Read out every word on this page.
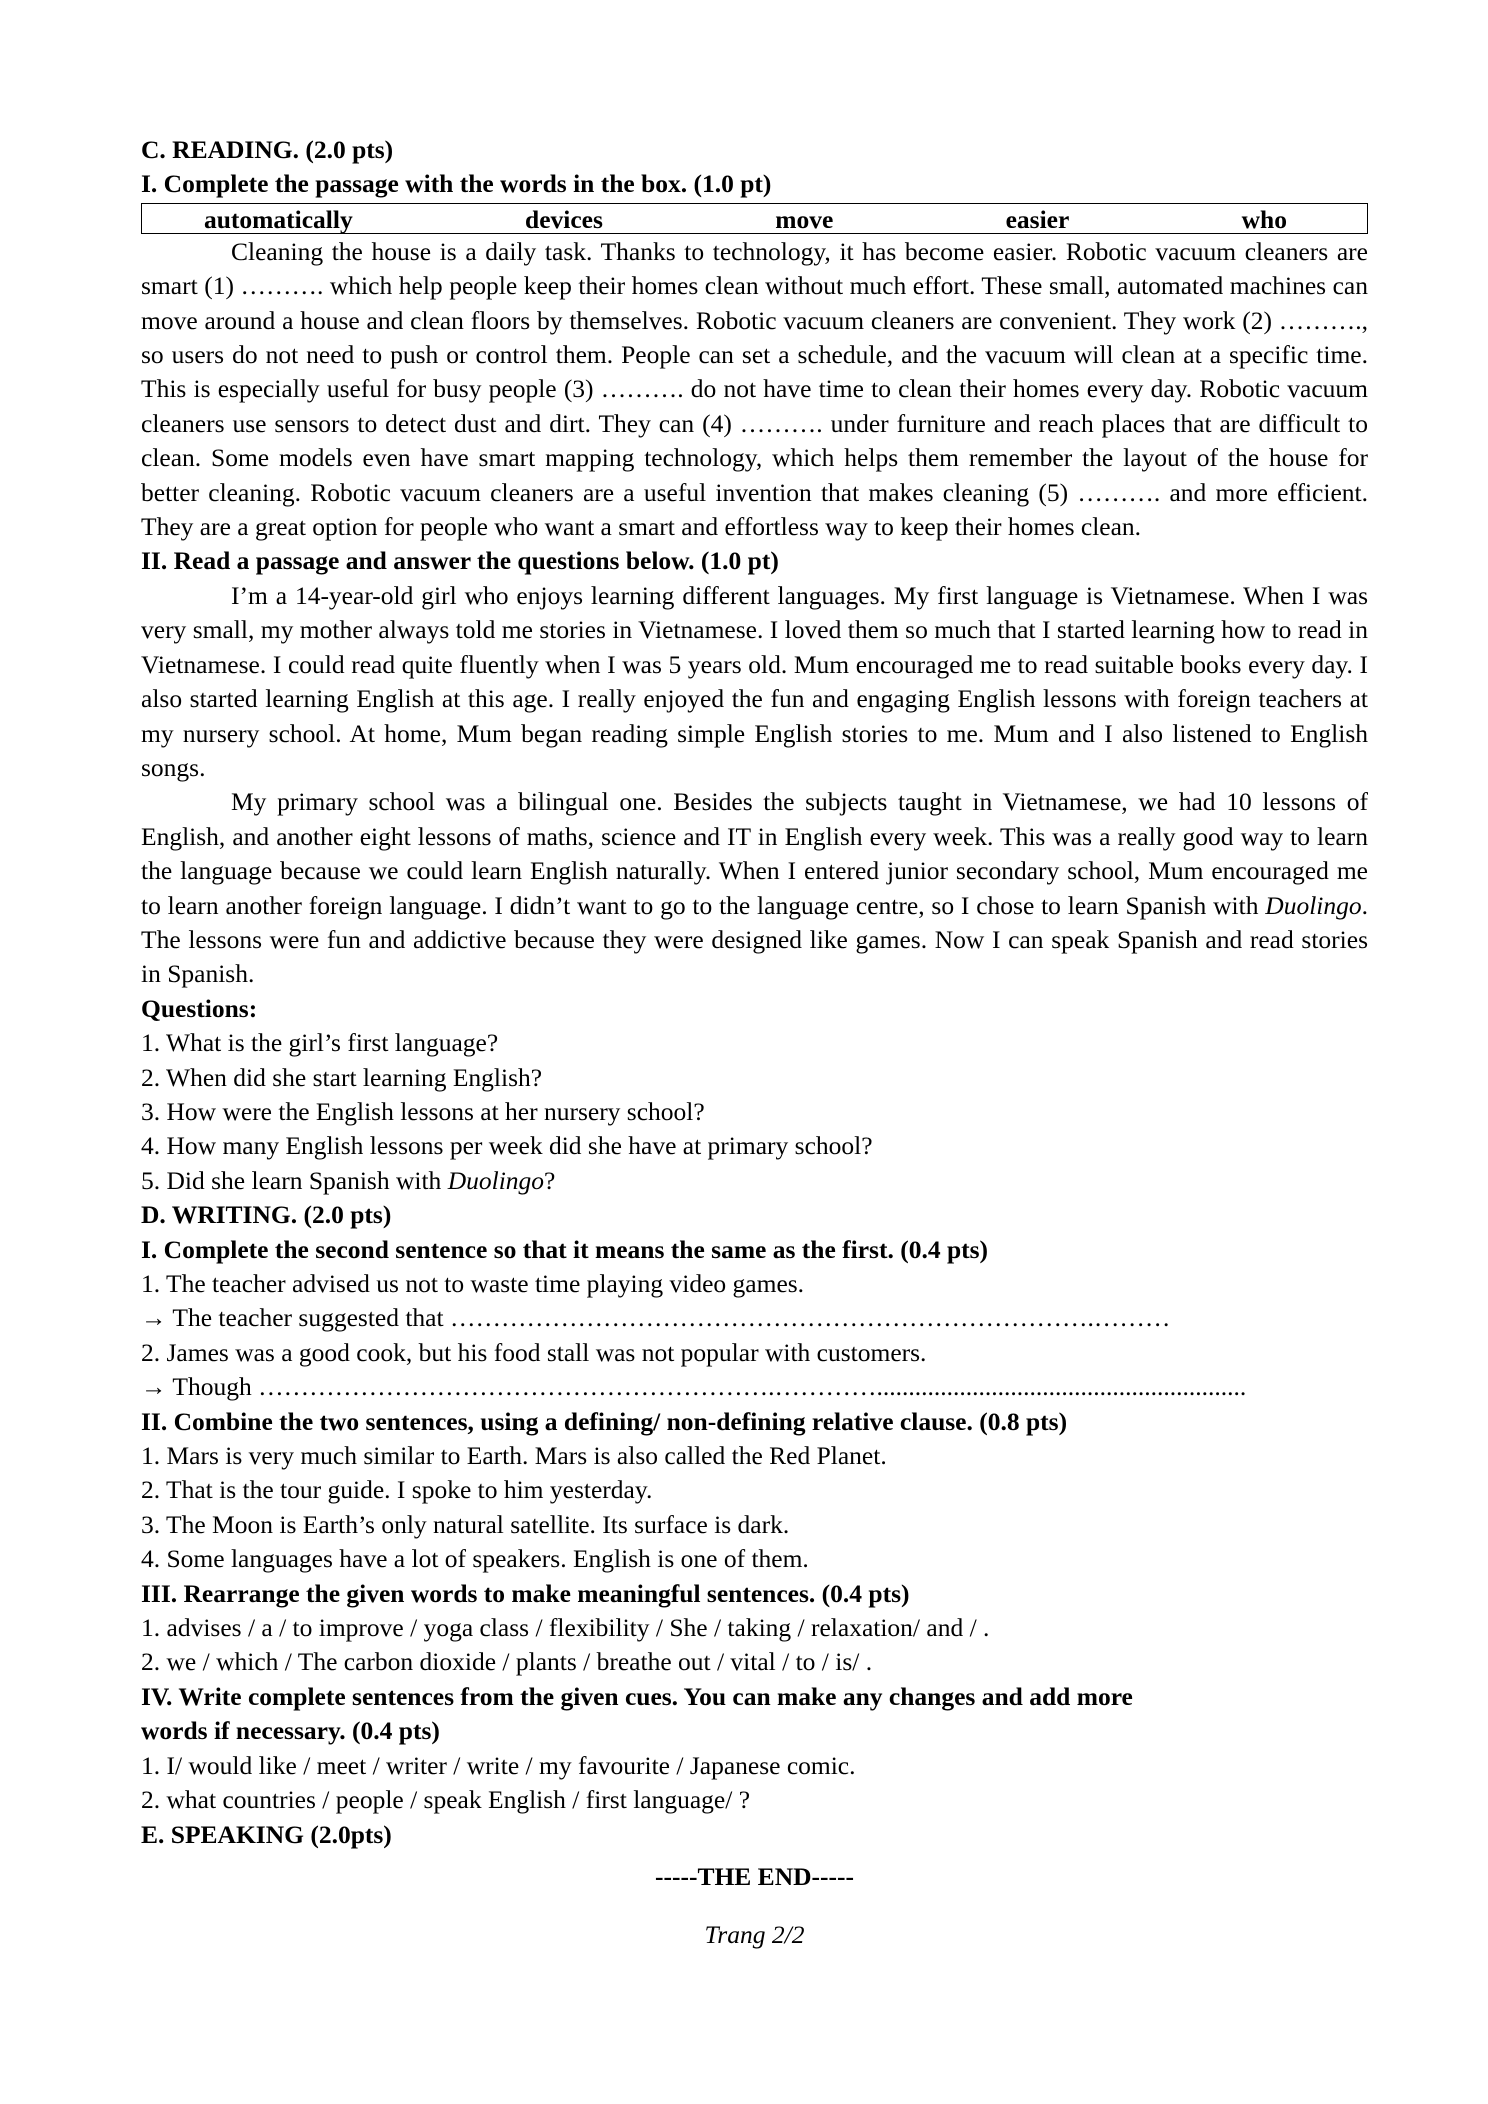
C. READING. (2.0 pts)
I. Complete the passage with the words in the box. (1.0 pt)
automatically	devices	move	easier	who

Cleaning the house is a daily task. Thanks to technology, it has become easier. Robotic vacuum cleaners are smart (1) ………. which help people keep their homes clean without much effort. These small, automated machines can move around a house and clean floors by themselves. Robotic vacuum cleaners are convenient. They work (2) ………., so users do not need to push or control them. People can set a schedule, and the vacuum will clean at a specific time. This is especially useful for busy people (3) ………. do not have time to clean their homes every day. Robotic vacuum cleaners use sensors to detect dust and dirt. They can (4) ………. under furniture and reach places that are difficult to clean. Some models even have smart mapping technology, which helps them remember the layout of the house for better cleaning. Robotic vacuum cleaners are a useful invention that makes cleaning (5) ………. and more efficient. They are a great option for people who want a smart and effortless way to keep their homes clean.

II. Read a passage and answer the questions below. (1.0 pt)

I’m a 14-year-old girl who enjoys learning different languages. My first language is Vietnamese. When I was very small, my mother always told me stories in Vietnamese. I loved them so much that I started learning how to read in Vietnamese. I could read quite fluently when I was 5 years old. Mum encouraged me to read suitable books every day. I also started learning English at this age. I really enjoyed the fun and engaging English lessons with foreign teachers at my nursery school. At home, Mum began reading simple English stories to me. Mum and I also listened to English songs.

My primary school was a bilingual one. Besides the subjects taught in Vietnamese, we had 10 lessons of English, and another eight lessons of maths, science and IT in English every week. This was a really good way to learn the language because we could learn English naturally. When I entered junior secondary school, Mum encouraged me to learn another foreign language. I didn’t want to go to the language centre, so I chose to learn Spanish with Duolingo. The lessons were fun and addictive because they were designed like games. Now I can speak Spanish and read stories in Spanish.

Questions:
1. What is the girl’s first language?
2. When did she start learning English?
3. How were the English lessons at her nursery school?
4. How many English lessons per week did she have at primary school?
5. Did she learn Spanish with Duolingo?
D. WRITING. (2.0 pts)
I. Complete the second sentence so that it means the same as the first. (0.4 pts)
1. The teacher advised us not to waste time playing video games.
→ The teacher suggested that ………………………………………………………………….………
2. James was a good cook, but his food stall was not popular with customers.
→ Though …………………………………………………….…………..........................................................
II. Combine the two sentences, using a defining/ non-defining relative clause. (0.8 pts)
1. Mars is very much similar to Earth. Mars is also called the Red Planet.
2. That is the tour guide. I spoke to him yesterday.
3. The Moon is Earth’s only natural satellite. Its surface is dark.
4. Some languages have a lot of speakers. English is one of them.
III. Rearrange the given words to make meaningful sentences. (0.4 pts)
1. advises / a / to improve / yoga class / flexibility / She / taking / relaxation/ and / .
2. we / which / The carbon dioxide / plants / breathe out / vital / to / is/ .
IV. Write complete sentences from the given cues. You can make any changes and add more
words if necessary. (0.4 pts)
1. I/ would like / meet / writer / write / my favourite / Japanese comic.
2. what countries / people / speak English / first language/ ?
E. SPEAKING (2.0pts)
-----THE END-----
Trang 2/2
